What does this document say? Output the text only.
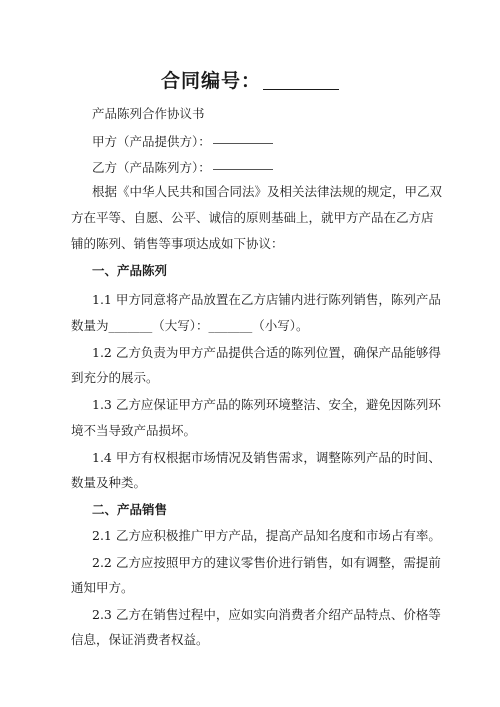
合同编号：
产品陈列合作协议书
甲方（产品提供方）：
乙方（产品陈列方）：
根据《中华人民共和国合同法》及相关法律法规的规定，甲乙双
方在平等、自愿、公平、诚信的原则基础上，就甲方产品在乙方店
铺的陈列、销售等事项达成如下协议：
一、产品陈列
1.1 甲方同意将产品放置在乙方店铺内进行陈列销售，陈列产品
数量为_______（大写）：_______（小写）。
1.2 乙方负责为甲方产品提供合适的陈列位置，确保产品能够得
到充分的展示。
1.3 乙方应保证甲方产品的陈列环境整洁、安全，避免因陈列环
境不当导致产品损坏。
1.4 甲方有权根据市场情况及销售需求，调整陈列产品的时间、
数量及种类。
二、产品销售
2.1 乙方应积极推广甲方产品，提高产品知名度和市场占有率。
2.2 乙方应按照甲方的建议零售价进行销售，如有调整，需提前
通知甲方。
2.3 乙方在销售过程中，应如实向消费者介绍产品特点、价格等
信息，保证消费者权益。
